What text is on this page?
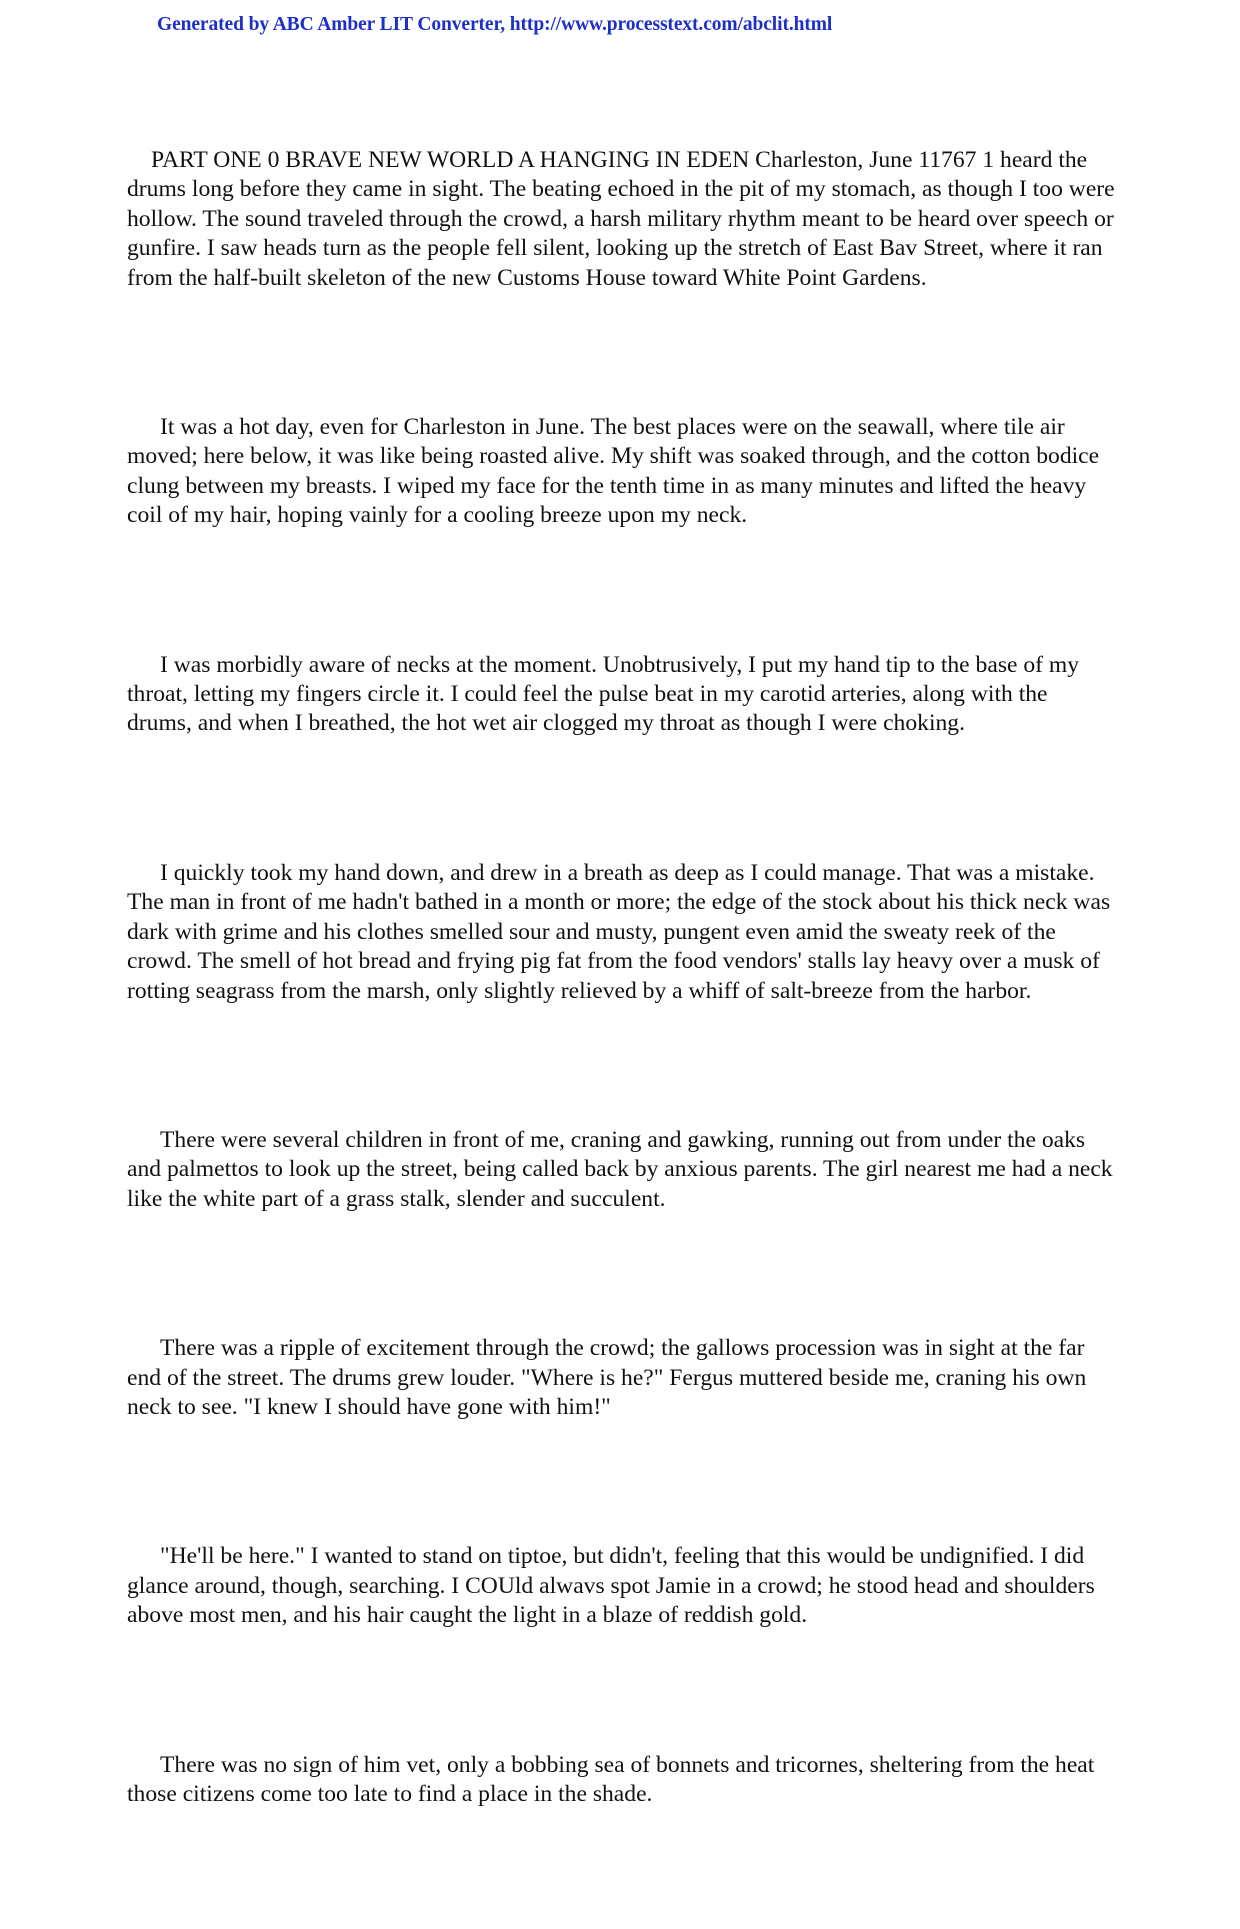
Generated by ABC Amber LIT Converter, http://www.processtext.com/abclit.html

PART ONE 0 BRAVE NEW WORLD A HANGING IN EDEN Charleston, June 11767 1 heard the drums long before they came in sight. The beating echoed in the pit of my stomach, as though I too were hollow. The sound traveled through the crowd, a harsh military rhythm meant to be heard over speech or gunfire. I saw heads turn as the people fell silent, looking up the stretch of East Bav Street, where it ran from the half-built skeleton of the new Customs House toward White Point Gardens.

It was a hot day, even for Charleston in June. The best places were on the seawall, where tile air moved; here below, it was like being roasted alive. My shift was soaked through, and the cotton bodice clung between my breasts. I wiped my face for the tenth time in as many minutes and lifted the heavy coil of my hair, hoping vainly for a cooling breeze upon my neck.

I was morbidly aware of necks at the moment. Unobtrusively, I put my hand tip to the base of my throat, letting my fingers circle it. I could feel the pulse beat in my carotid arteries, along with the drums, and when I breathed, the hot wet air clogged my throat as though I were choking.

I quickly took my hand down, and drew in a breath as deep as I could manage. That was a mistake. The man in front of me hadn't bathed in a month or more; the edge of the stock about his thick neck was dark with grime and his clothes smelled sour and musty, pungent even amid the sweaty reek of the crowd. The smell of hot bread and frying pig fat from the food vendors' stalls lay heavy over a musk of rotting seagrass from the marsh, only slightly relieved by a whiff of salt-breeze from the harbor.

There were several children in front of me, craning and gawking, running out from under the oaks and palmettos to look up the street, being called back by anxious parents. The girl nearest me had a neck like the white part of a grass stalk, slender and succulent.

There was a ripple of excitement through the crowd; the gallows procession was in sight at the far end of the street. The drums grew louder. "Where is he?" Fergus muttered beside me, craning his own neck to see. "I knew I should have gone with him!"

"He'll be here." I wanted to stand on tiptoe, but didn't, feeling that this would be undignified. I did glance around, though, searching. I COUld alwavs spot Jamie in a crowd; he stood head and shoulders above most men, and his hair caught the light in a blaze of reddish gold.

There was no sign of him vet, only a bobbing sea of bonnets and tricornes, sheltering from the heat those citizens come too late to find a place in the shade.
